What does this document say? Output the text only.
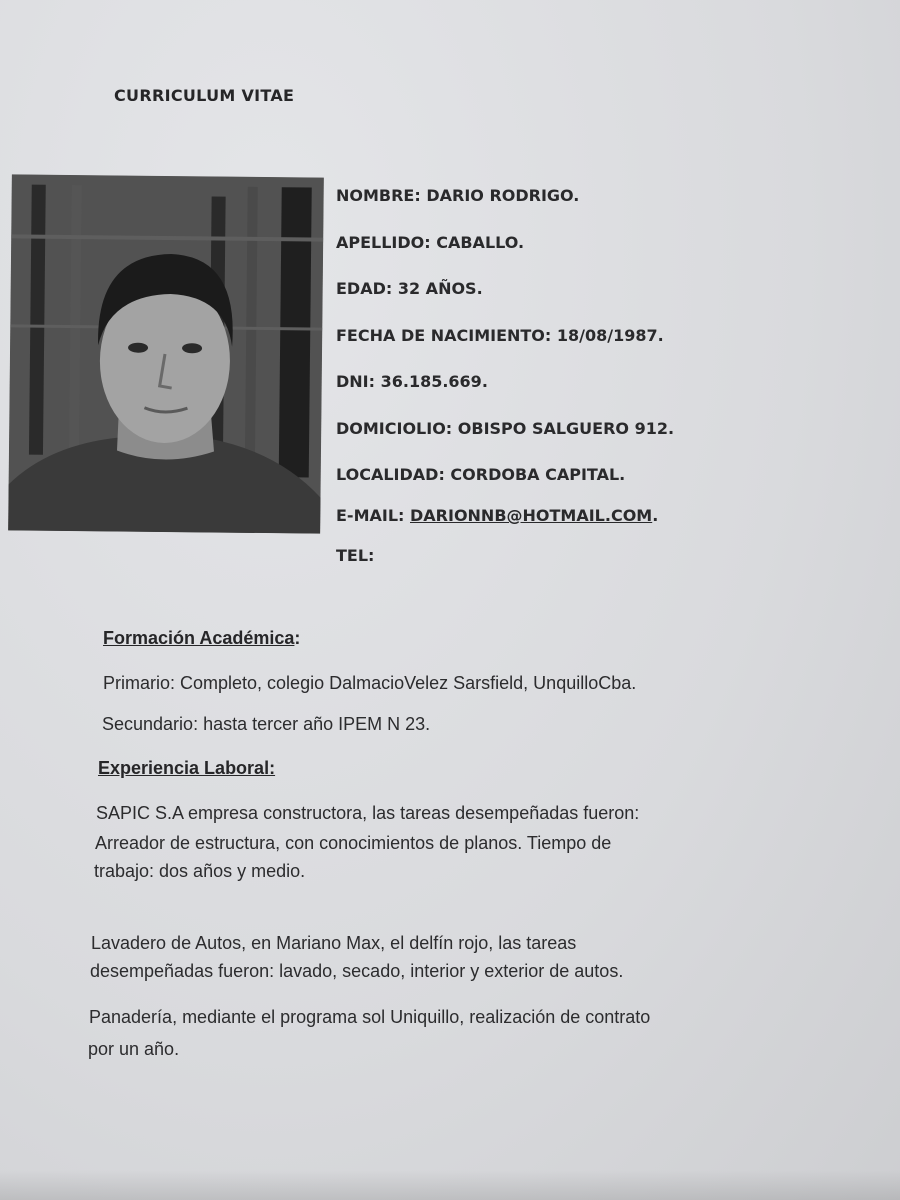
CURRICULUM VITAE
NOMBRE: DARIO RODRIGO.
APELLIDO: CABALLO.
EDAD: 32 AÑOS.
FECHA DE NACIMIENTO: 18/08/1987.
DNI: 36.185.669.
DOMICIOLIO: OBISPO SALGUERO 912.
LOCALIDAD: CORDOBA CAPITAL.
E-MAIL: DARIONNB@HOTMAIL.COM.
TEL:
Formación Académica:
Primario: Completo, colegio DalmacioVelez Sarsfield, UnquilloCba.
Secundario: hasta tercer año IPEM N 23.
Experiencia Laboral:
SAPIC S.A empresa constructora, las tareas desempeñadas fueron:
Arreador de estructura, con conocimientos de planos. Tiempo de
trabajo: dos años y medio.
Lavadero de Autos, en Mariano Max, el delfín rojo, las tareas
desempeñadas fueron: lavado, secado, interior y exterior de autos.
Panadería, mediante el programa sol Uniquillo, realización de contrato
por un año.
